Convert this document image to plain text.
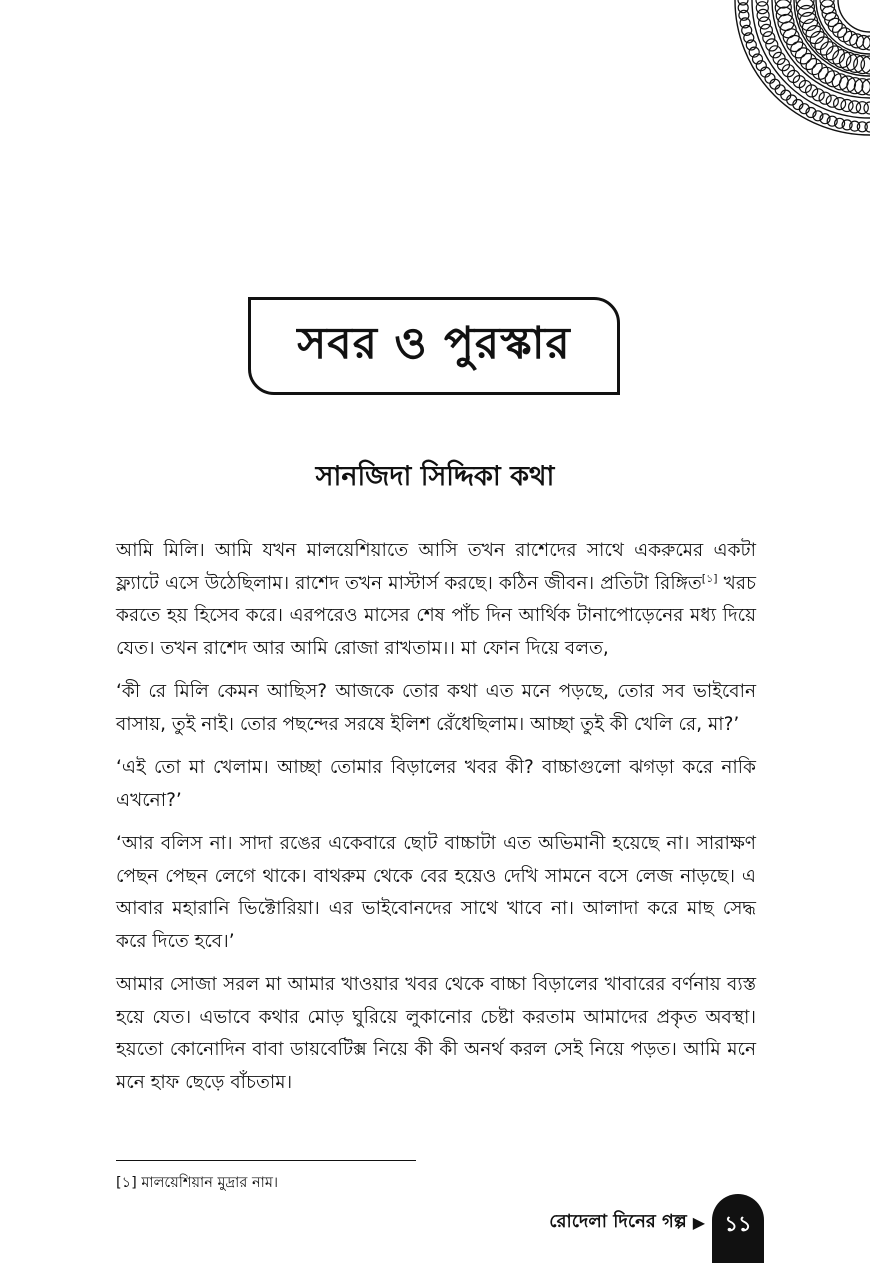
সবর ও পুরস্কার
সানজিদা সিদ্দিকা কথা

আমি মিলি। আমি যখন মালয়েশিয়াতে আসি তখন রাশেদের সাথে একরুমের একটা ফ্ল্যাটে এসে উঠেছিলাম। রাশেদ তখন মাস্টার্স করছে। কঠিন জীবন। প্রতিটা রিঙ্গিত[১] খরচ করতে হয় হিসেব করে। এরপরেও মাসের শেষ পাঁচ দিন আর্থিক টানাপোড়েনের মধ্য দিয়ে যেত। তখন রাশেদ আর আমি রোজা রাখতাম।। মা ফোন দিয়ে বলত,

‘কী রে মিলি কেমন আছিস? আজকে তোর কথা এত মনে পড়ছে, তোর সব ভাইবোন বাসায়, তুই নাই। তোর পছন্দের সরষে ইলিশ রেঁধেছিলাম। আচ্ছা তুই কী খেলি রে, মা?’

‘এই তো মা খেলাম। আচ্ছা তোমার বিড়ালের খবর কী? বাচ্চাগুলো ঝগড়া করে নাকি এখনো?’

‘আর বলিস না। সাদা রঙের একেবারে ছোট বাচ্চাটা এত অভিমানী হয়েছে না। সারাক্ষণ পেছন পেছন লেগে থাকে। বাথরুম থেকে বের হয়েও দেখি সামনে বসে লেজ নাড়ছে। এ আবার মহারানি ভিক্টোরিয়া। এর ভাইবোনদের সাথে খাবে না। আলাদা করে মাছ সেদ্ধ করে দিতে হবে।’

আমার সোজা সরল মা আমার খাওয়ার খবর থেকে বাচ্চা বিড়ালের খাবারের বর্ণনায় ব্যস্ত হয়ে যেত। এভাবে কথার মোড় ঘুরিয়ে লুকানোর চেষ্টা করতাম আমাদের প্রকৃত অবস্থা। হয়তো কোনোদিন বাবা ডায়বেটিক্স নিয়ে কী কী অনর্থ করল সেই নিয়ে পড়ত। আমি মনে মনে হাফ ছেড়ে বাঁচতাম।

[১] মালয়েশিয়ান মুদ্রার নাম।
রোদেলা দিনের গল্প ▶ ১১
